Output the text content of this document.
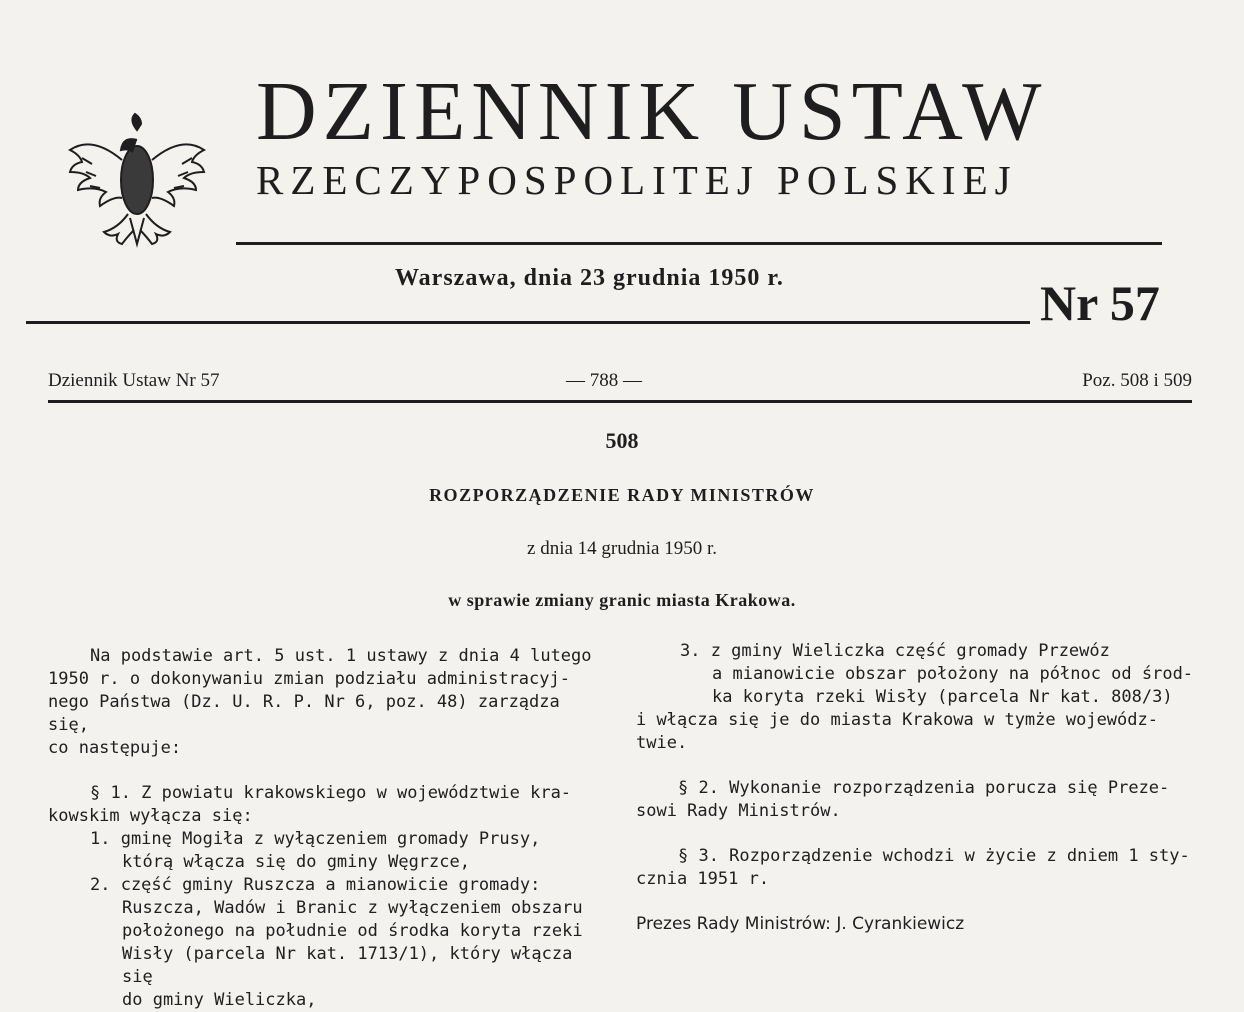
DZIENNIK USTAW
RZECZYPOSPOLITEJ POLSKIEJ
Warszawa, dnia 23 grudnia 1950 r.	Nr 57
Dziennik Ustaw Nr 57	— 788 —	Poz. 508 i 509
508
ROZPORZĄDZENIE RADY MINISTRÓW
z dnia 14 grudnia 1950 r.
w sprawie zmiany granic miasta Krakowa.

Na podstawie art. 5 ust. 1 ustawy z dnia 4 lutego

1950 r. o dokonywaniu zmian podziału administracyj-

nego Państwa (Dz. U. R. P. Nr 6, poz. 48) zarządza się,

co następuje:

§ 1. Z powiatu krakowskiego w województwie kra-

kowskim wyłącza się:

1. gminę Mogiła z wyłączeniem gromady Prusy,

którą włącza się do gminy Węgrzce,

2. część gminy Ruszcza a mianowicie gromady:

Ruszcza, Wadów i Branic z wyłączeniem obszaru

położonego na południe od środka koryta rzeki

Wisły (parcela Nr kat. 1713/1), który włącza się

do gminy Wieliczka,

3. z gminy Wieliczka część gromady Przewóz

a mianowicie obszar położony na północ od środ-

ka koryta rzeki Wisły (parcela Nr kat. 808/3)

i włącza się je do miasta Krakowa w tymże wojewódz-

twie.

§ 2. Wykonanie rozporządzenia porucza się Preze-

sowi Rady Ministrów.

§ 3. Rozporządzenie wchodzi w życie z dniem 1 sty-

cznia 1951 r.

Prezes Rady Ministrów: J. Cyrankiewicz
